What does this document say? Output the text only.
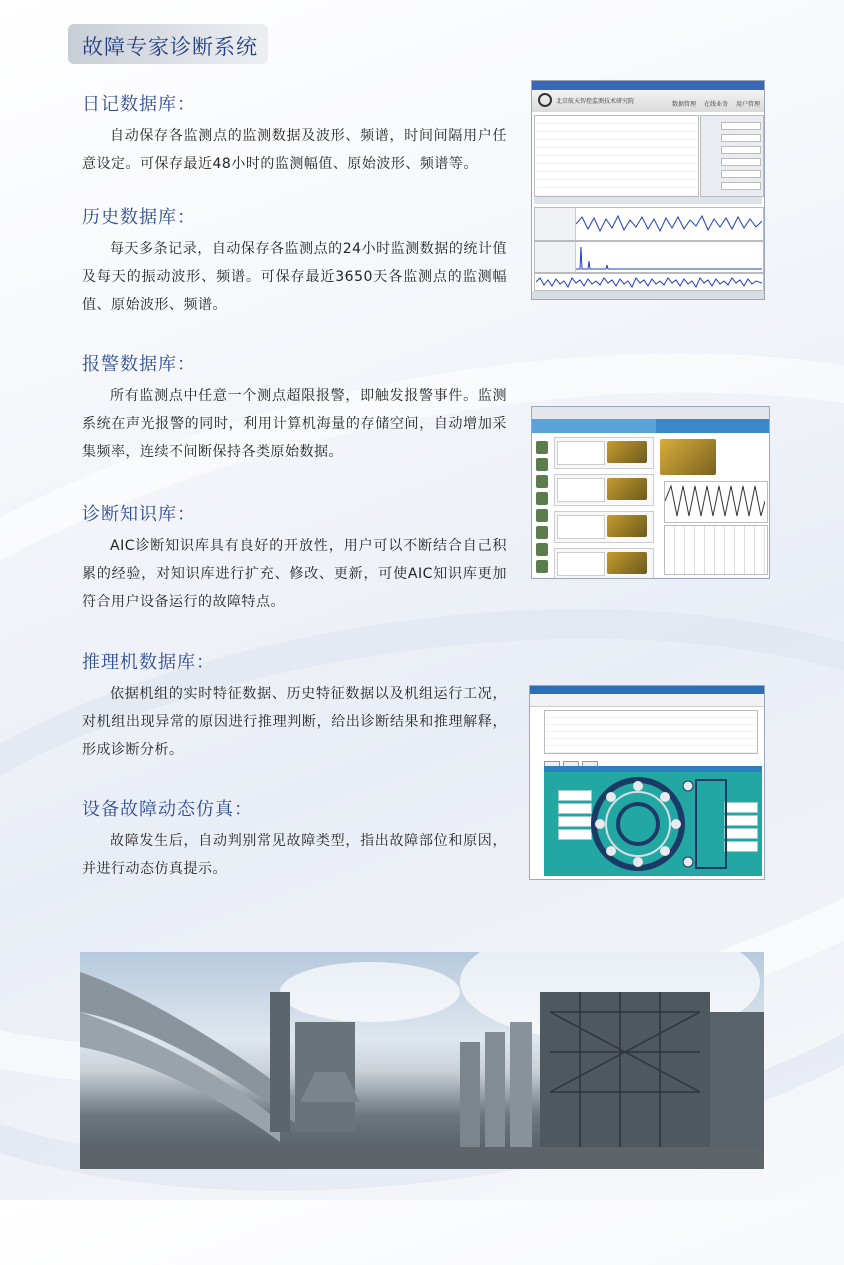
故障专家诊断系统
日记数据库：
自动保存各监测点的监测数据及波形、频谱，时间间隔用户任意设定。可保存最近48小时的监测幅值、原始波形、频谱等。
历史数据库：
每天多条记录，自动保存各监测点的24小时监测数据的统计值及每天的振动波形、频谱。可保存最近3650天各监测点的监测幅值、原始波形、频谱。
报警数据库：
所有监测点中任意一个测点超限报警，即触发报警事件。监测系统在声光报警的同时，利用计算机海量的存储空间，自动增加采集频率，连续不间断保持各类原始数据。
诊断知识库：
AIC诊断知识库具有良好的开放性，用户可以不断结合自己积累的经验，对知识库进行扩充、修改、更新，可使AIC知识库更加符合用户设备运行的故障特点。
推理机数据库：
依据机组的实时特征数据、历史特征数据以及机组运行工况，对机组出现异常的原因进行推理判断，给出诊断结果和推理解释，形成诊断分析。
设备故障动态仿真：
故障发生后，自动判别常见故障类型，指出故障部位和原因，并进行动态仿真提示。
北京航天智控监测技术研究院	数据管理 在线业务 用户管理
